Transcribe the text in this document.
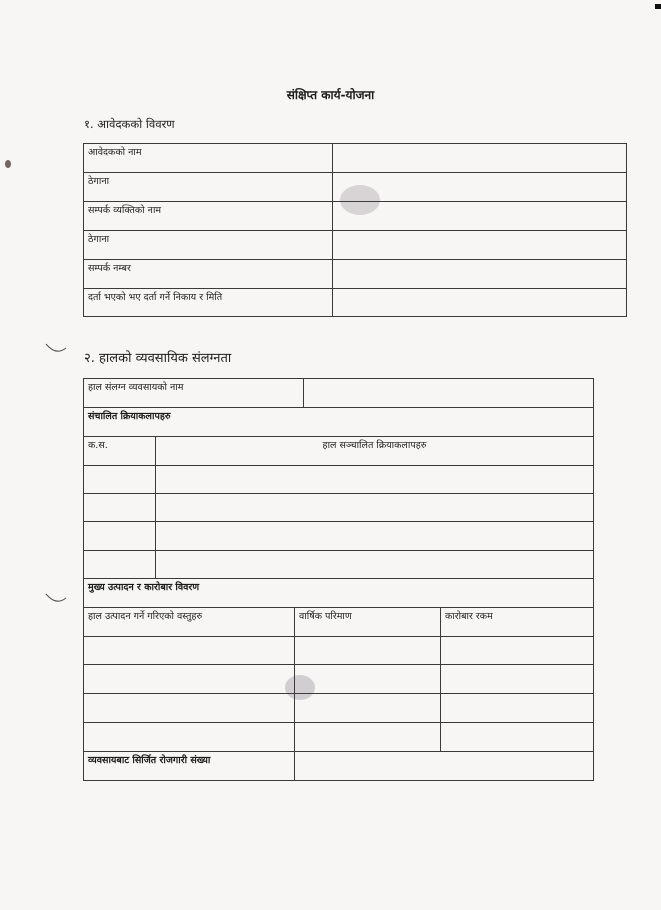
संक्षिप्त कार्य-योजना
१. आवेदकको विवरण
आवेदकको नाम
ठेगाना
सम्पर्क व्यक्तिको नाम
ठेगाना
सम्पर्क नम्बर
दर्ता भएको भए दर्ता गर्ने निकाय र मिति
२. हालको व्यवसायिक संलग्नता
हाल संलग्न व्यवसायको नाम
संचालित क्रियाकलापहरु
क.स.	हाल सञ्चालित क्रियाकलापहरु
मुख्य उत्पादन र कारोबार विवरण
हाल उत्पादन गर्ने गरिएको वस्तुहरु	वार्षिक परिमाण	कारोबार रकम
व्यवसायबाट सिर्जित रोजगारी संख्या
